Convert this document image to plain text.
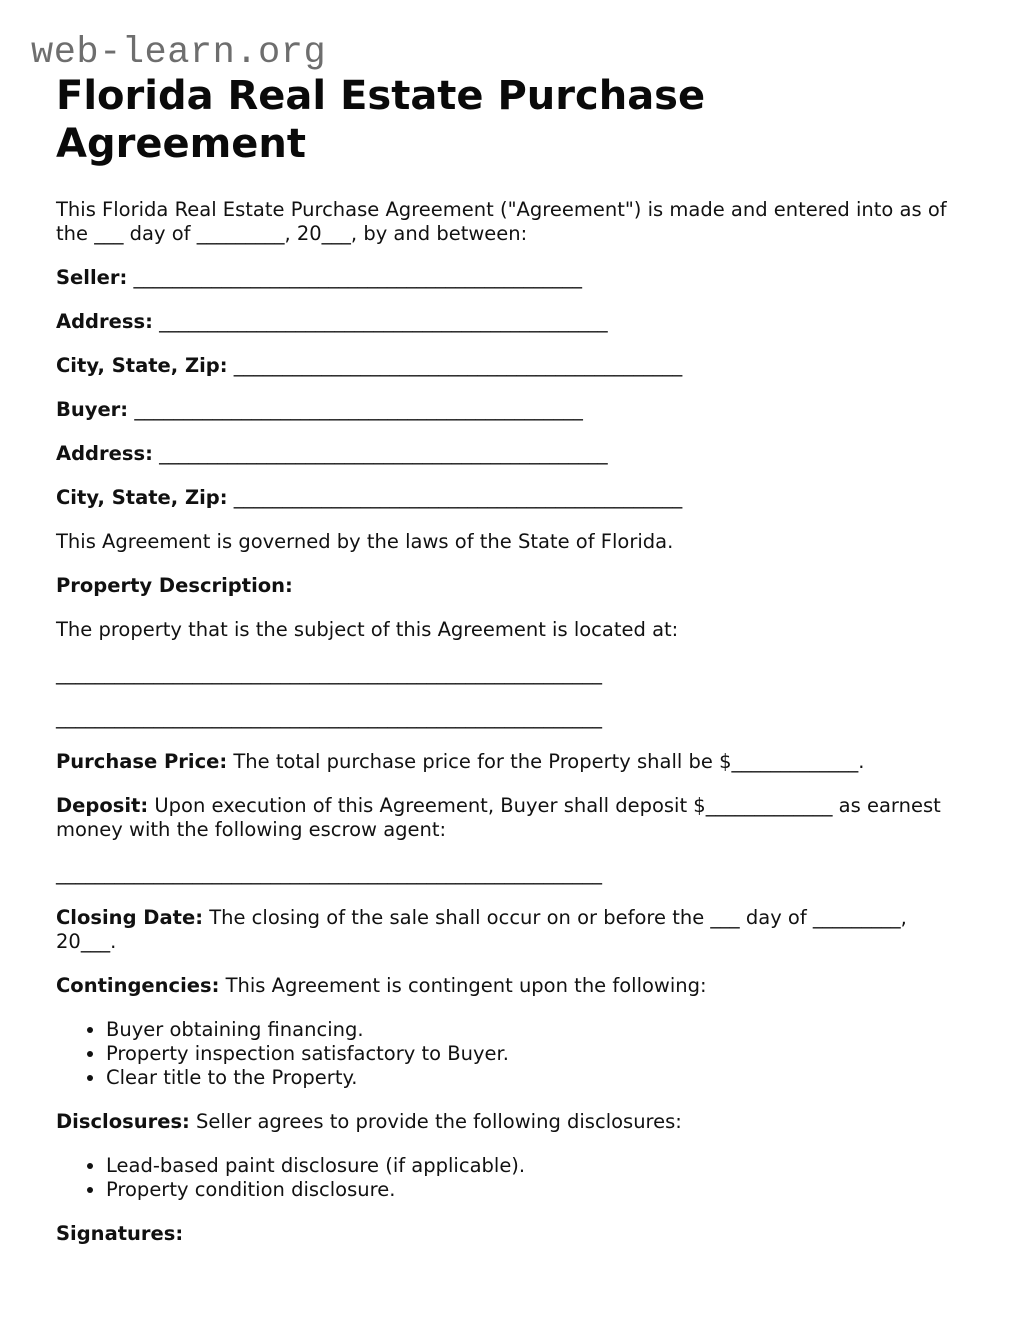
web-learn.org
Florida Real Estate Purchase Agreement

This Florida Real Estate Purchase Agreement ("Agreement") is made and entered into as of the ___ day of _________, 20___, by and between:

Seller: ______________________________________________

Address: ______________________________________________

City, State, Zip: ______________________________________________

Buyer: ______________________________________________

Address: ______________________________________________

City, State, Zip: ______________________________________________

This Agreement is governed by the laws of the State of Florida.

Property Description:

The property that is the subject of this Agreement is located at:

________________________________________________________
________________________________________________________

Purchase Price: The total purchase price for the Property shall be $_____________.

Deposit: Upon execution of this Agreement, Buyer shall deposit $_____________ as earnest money with the following escrow agent:

________________________________________________________

Closing Date: The closing of the sale shall occur on or before the ___ day of _________, 20___.

Contingencies: This Agreement is contingent upon the following:

• Buyer obtaining financing.
• Property inspection satisfactory to Buyer.
• Clear title to the Property.

Disclosures: Seller agrees to provide the following disclosures:

• Lead-based paint disclosure (if applicable).
• Property condition disclosure.

Signatures:
